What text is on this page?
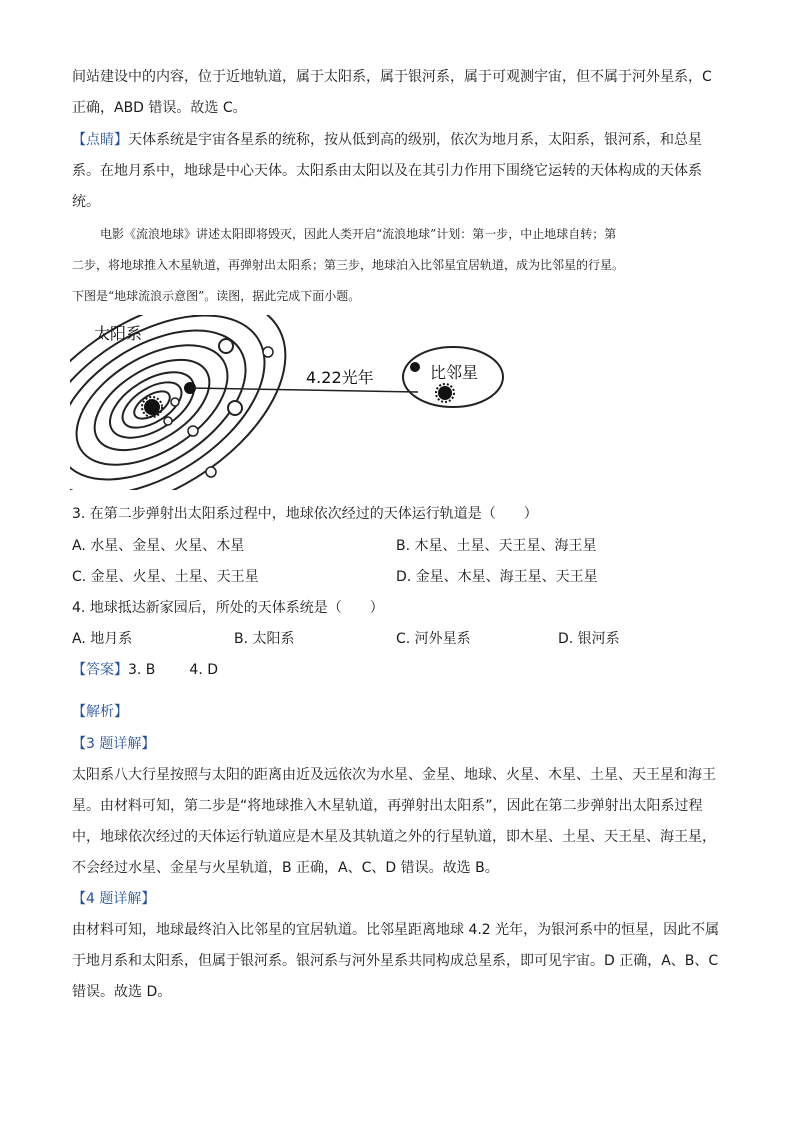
间站建设中的内容，位于近地轨道，属于太阳系，属于银河系，属于可观测宇宙，但不属于河外星系，C
正确，ABD 错误。故选 C。
【点睛】天体系统是宇宙各星系的统称，按从低到高的级别，依次为地月系，太阳系，银河系，和总星
系。在地月系中，地球是中心天体。太阳系由太阳以及在其引力作用下围绕它运转的天体构成的天体系
统。
电影《流浪地球》讲述太阳即将毁灭，因此人类开启“流浪地球”计划：第一步，中止地球自转；第
二步，将地球推入木星轨道，再弹射出太阳系；第三步，地球泊入比邻星宜居轨道，成为比邻星的行星。
下图是“地球流浪示意图”。读图，据此完成下面小题。
太阳系
4.22光年	比邻星
3. 在第二步弹射出太阳系过程中，地球依次经过的天体运行轨道是（　　）
A. 水星、金星、火星、木星	B. 木星、土星、天王星、海王星
C. 金星、火星、土星、天王星	D. 金星、木星、海王星、天王星
4. 地球抵达新家园后，所处的天体系统是（　　）
A. 地月系	B. 太阳系	C. 河外星系	D. 银河系
【答案】3. B 4. D
【解析】
【3 题详解】
太阳系八大行星按照与太阳的距离由近及远依次为水星、金星、地球、火星、木星、土星、天王星和海王
星。由材料可知，第二步是“将地球推入木星轨道，再弹射出太阳系”，因此在第二步弹射出太阳系过程
中，地球依次经过的天体运行轨道应是木星及其轨道之外的行星轨道，即木星、土星、天王星、海王星，
不会经过水星、金星与火星轨道，B 正确，A、C、D 错误。故选 B。
【4 题详解】
由材料可知，地球最终泊入比邻星的宜居轨道。比邻星距离地球 4.2 光年，为银河系中的恒星，因此不属
于地月系和太阳系，但属于银河系。银河系与河外星系共同构成总星系，即可见宇宙。D 正确，A、B、C
错误。故选 D。
